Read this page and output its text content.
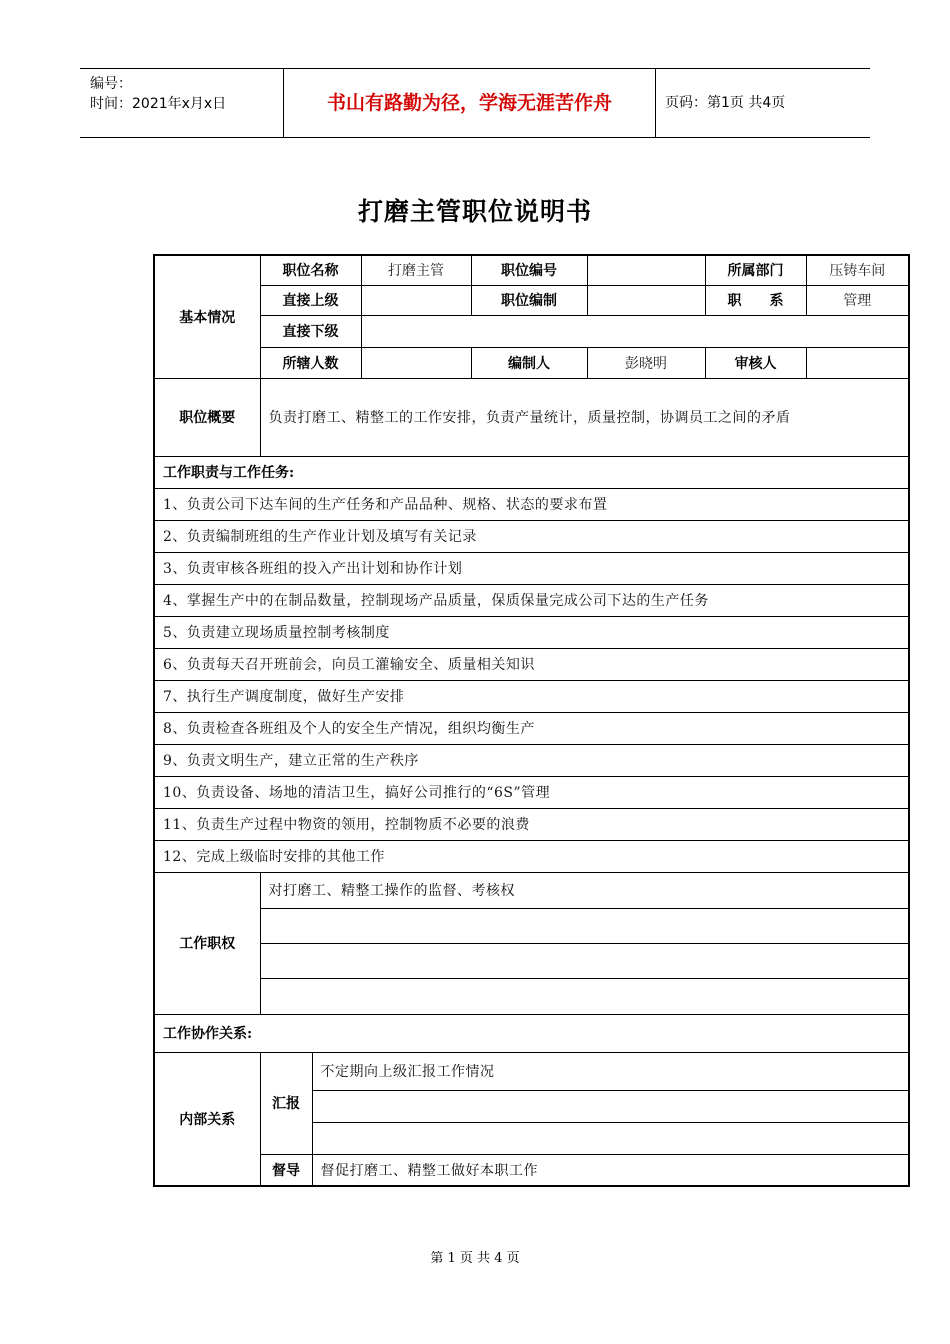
编号：
时间：2021年x月x日	书山有路勤为径，学海无涯苦作舟	页码：第1页 共4页
打磨主管职位说明书
基本情况	职位名称		打磨主管	职位编号		所属部门	压铸车间
	直接上级			职位编制		职　　系	管理
	直接下级						
	所辖人数			编制人	彭晓明	审核人	
职位概要	负责打磨工、精整工的工作安排，负责产量统计，质量控制，协调员工之间的矛盾						
工作职责与工作任务:							
1、负责公司下达车间的生产任务和产品品种、规格、状态的要求布置							
2、负责编制班组的生产作业计划及填写有关记录							
3、负责审核各班组的投入产出计划和协作计划							
4、掌握生产中的在制品数量，控制现场产品质量，保质保量完成公司下达的生产任务							
5、负责建立现场质量控制考核制度							
6、负责每天召开班前会，向员工灌输安全、质量相关知识							
7、执行生产调度制度，做好生产安排							
8、负责检查各班组及个人的安全生产情况，组织均衡生产							
9、负责文明生产，建立正常的生产秩序							
10、负责设备、场地的清洁卫生，搞好公司推行的“6S”管理							
11、负责生产过程中物资的领用，控制物质不必要的浪费							
12、完成上级临时安排的其他工作							
工作职权	对打磨工、精整工操作的监督、考核权						

工作协作关系:							
内部关系	汇报	不定期向上级汇报工作情况					

	督导	督促打磨工、精整工做好本职工作					
第 1 页 共 4 页
